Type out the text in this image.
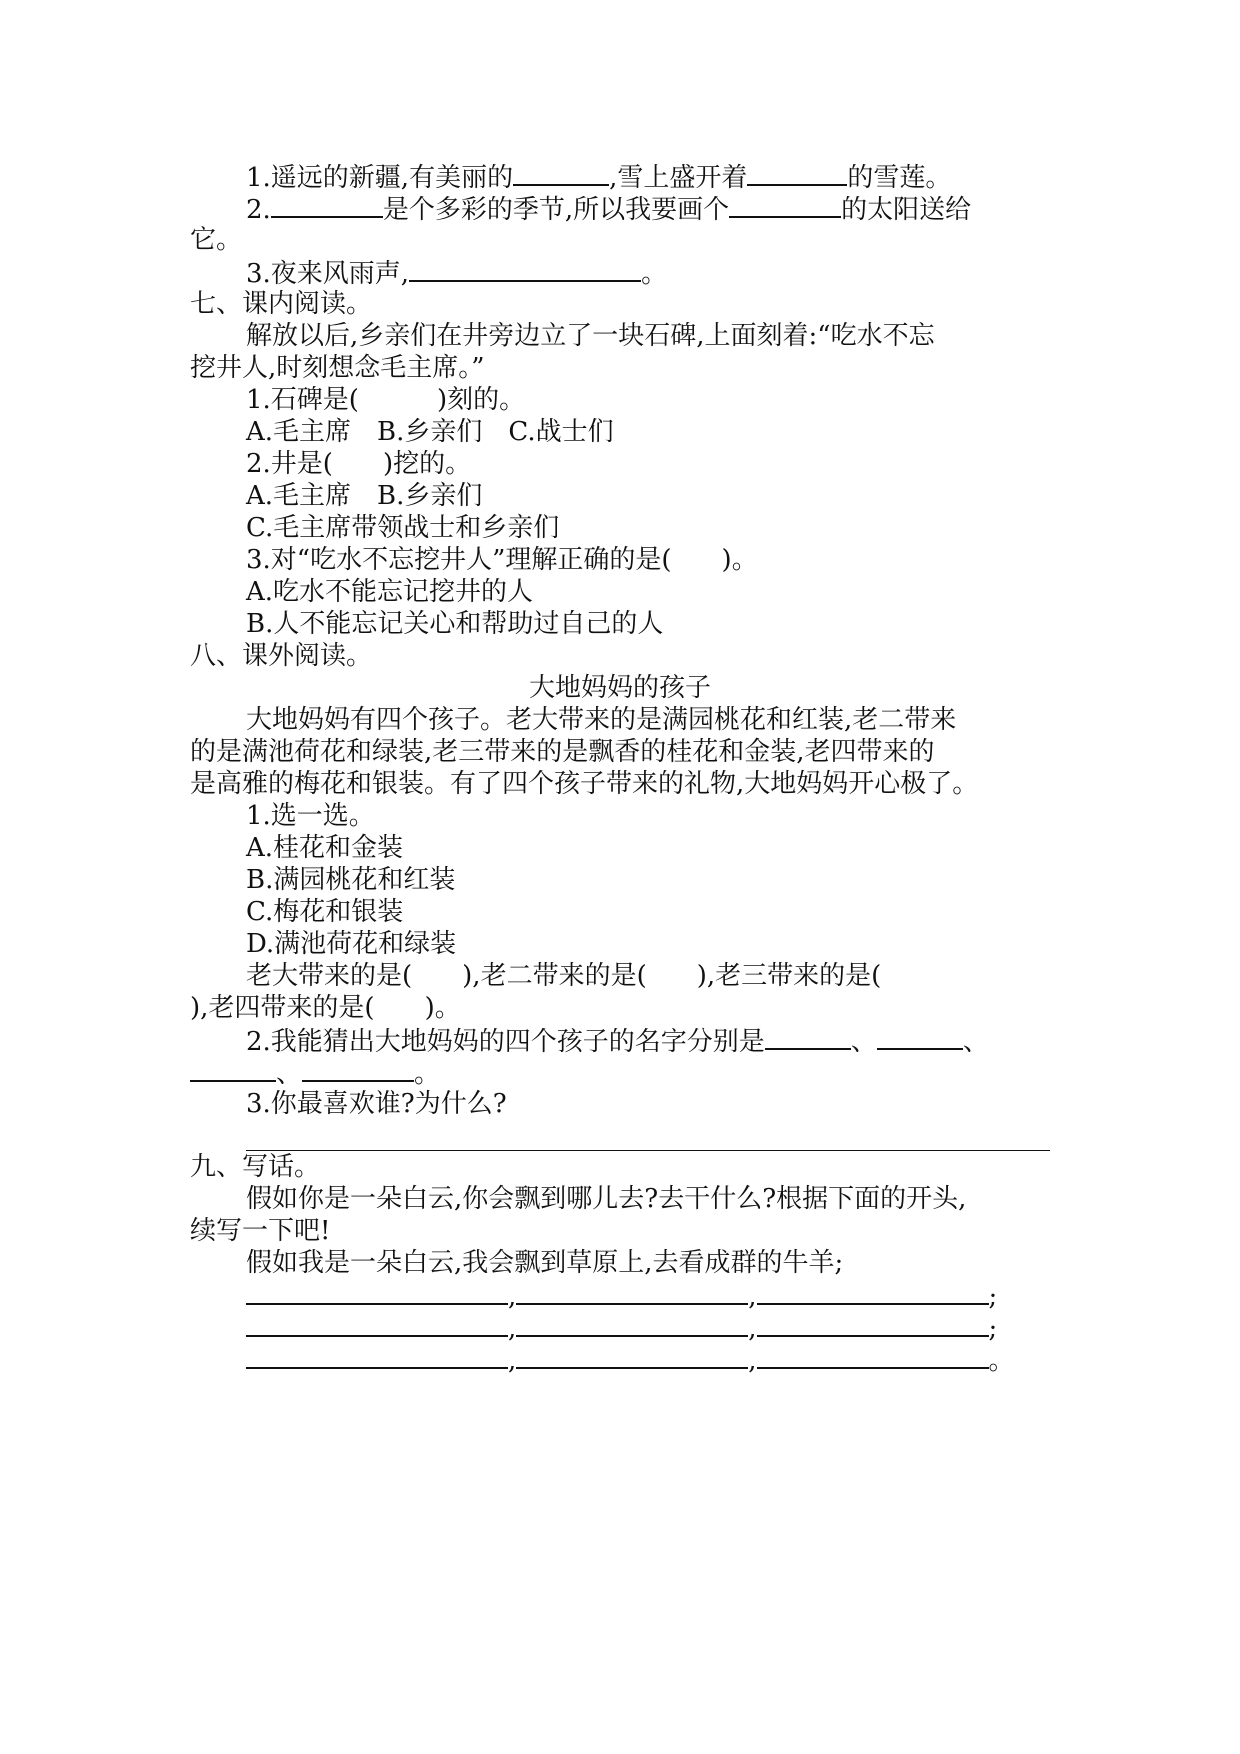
1.遥远的新疆,有美丽的	,雪上盛开着	的雪莲。
2.	是个多彩的季节,所以我要画个	的太阳送给
它。
3.夜来风雨声,	。
七、课内阅读。
解放以后,乡亲们在井旁边立了一块石碑,上面刻着:“吃水不忘
挖井人,时刻想念毛主席。”
1.石碑是(	)刻的。
A.毛主席　B.乡亲们　C.战士们
2.井是( )挖的。
A.毛主席　B.乡亲们
C.毛主席带领战士和乡亲们
3.对“吃水不忘挖井人”理解正确的是( )。
A.吃水不能忘记挖井的人
B.人不能忘记关心和帮助过自己的人
八、课外阅读。
大地妈妈的孩子
大地妈妈有四个孩子。老大带来的是满园桃花和红装,老二带来
的是满池荷花和绿装,老三带来的是飘香的桂花和金装,老四带来的
是高雅的梅花和银装。有了四个孩子带来的礼物,大地妈妈开心极了。
1.选一选。
A.桂花和金装
B.满园桃花和红装
C.梅花和银装
D.满池荷花和绿装
老大带来的是( ),老二带来的是( ),老三带来的是(
),老四带来的是( )。
2.我能猜出大地妈妈的四个孩子的名字分别是	、	、
、	。
3.你最喜欢谁?为什么?
九、写话。
假如你是一朵白云,你会飘到哪儿去?去干什么?根据下面的开头,
续写一下吧!
假如我是一朵白云,我会飘到草原上,去看成群的牛羊;
,	,	;
,	,	;
,	,	。
